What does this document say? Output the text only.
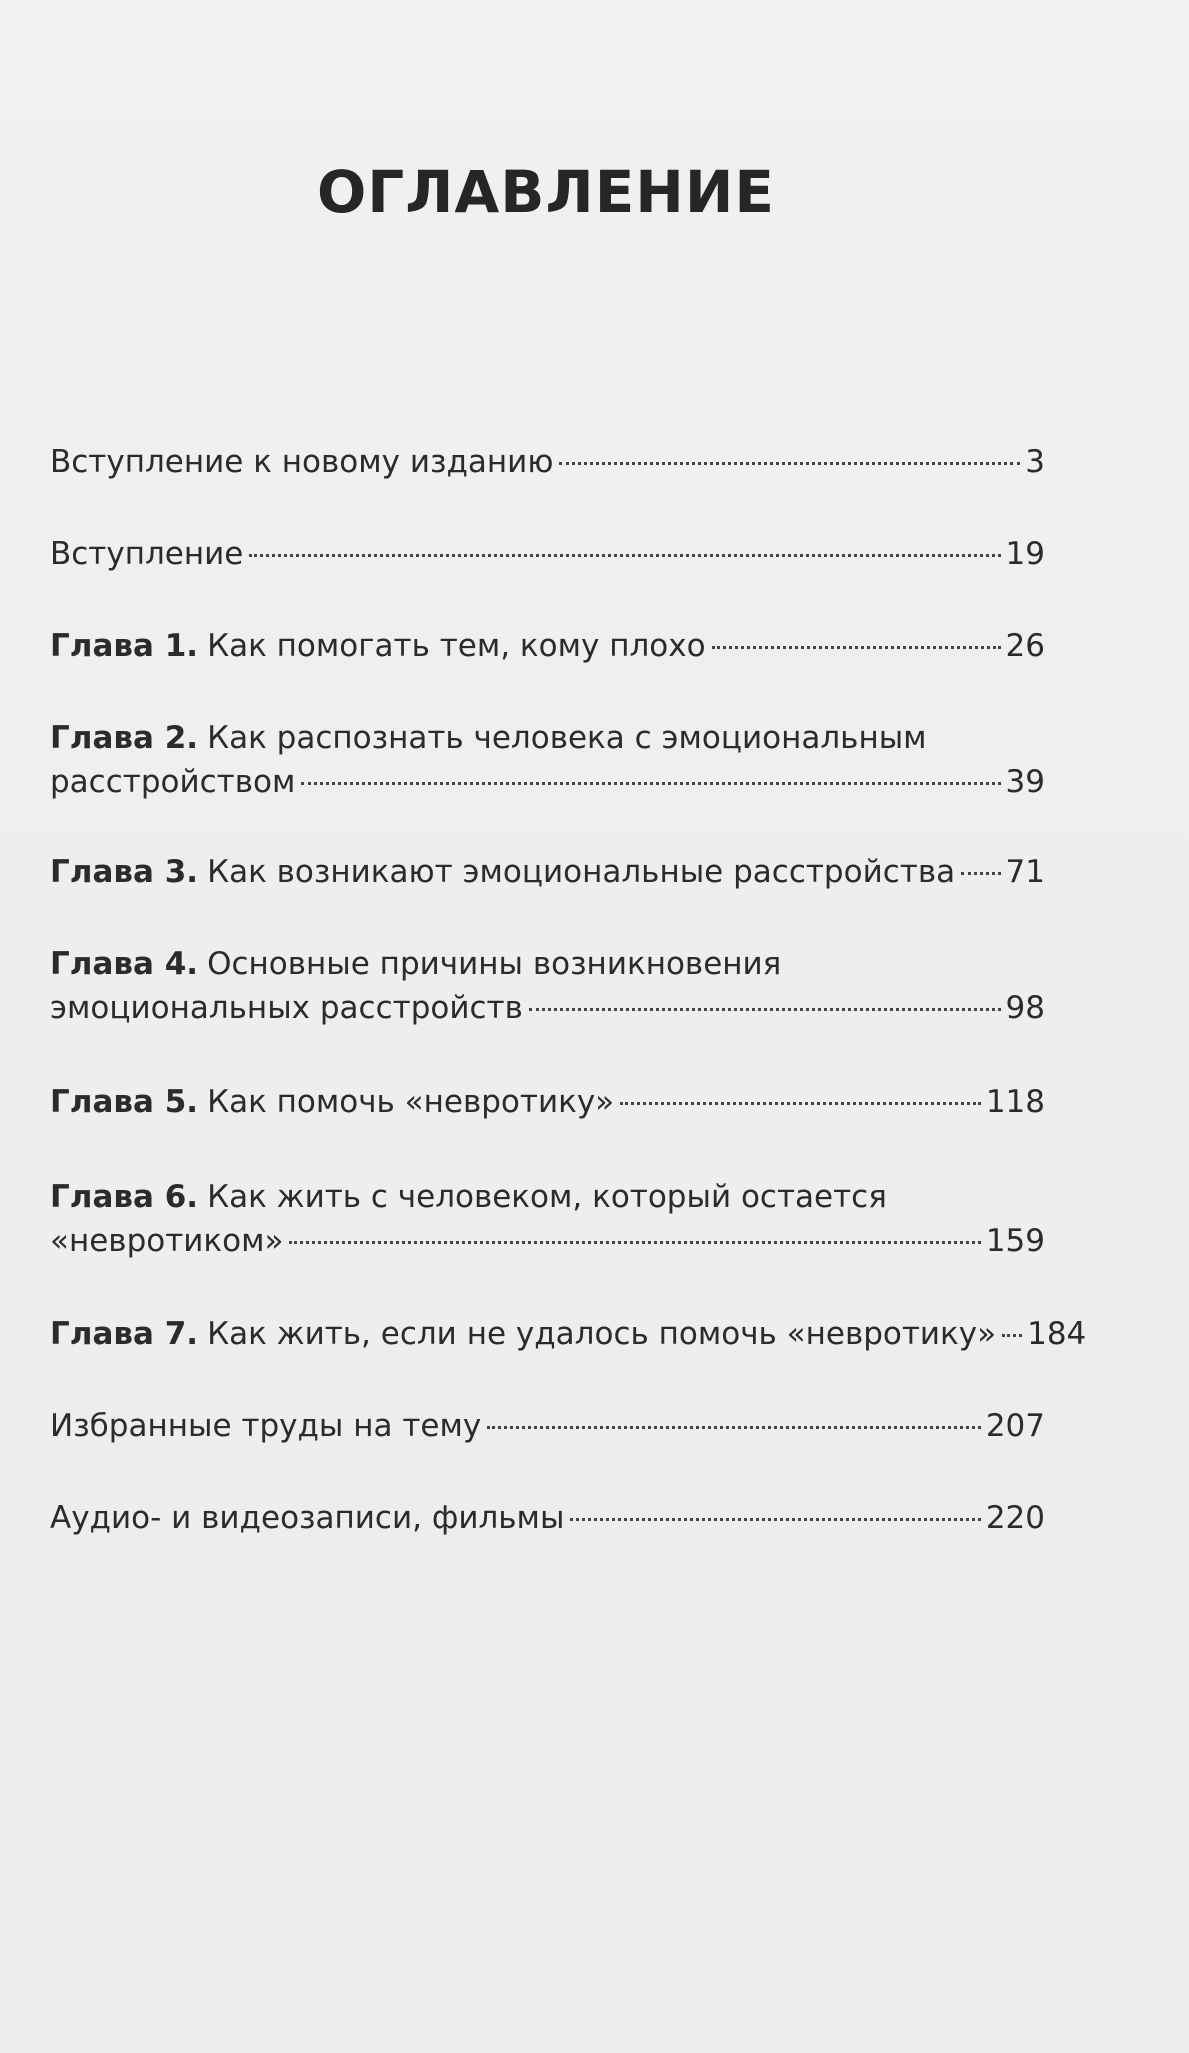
ОГЛАВЛЕНИЕ
Вступление к новому изданию	3
Вступление	19
Глава 1. Как помогать тем, кому плохо	26
Глава 2. Как распознать человека с эмоциональным
расстройством	39
Глава 3. Как возникают эмоциональные расстройства 71
Глава 4. Основные причины возникновения
эмоциональных расстройств	98
Глава 5. Как помочь «невротику»	118
Глава 6. Как жить с человеком, который остается
«невротиком»	159
Глава 7. Как жить, если не удалось помочь «невротику» 184
Избранные труды на тему	207
Аудио- и видеозаписи, фильмы	220
